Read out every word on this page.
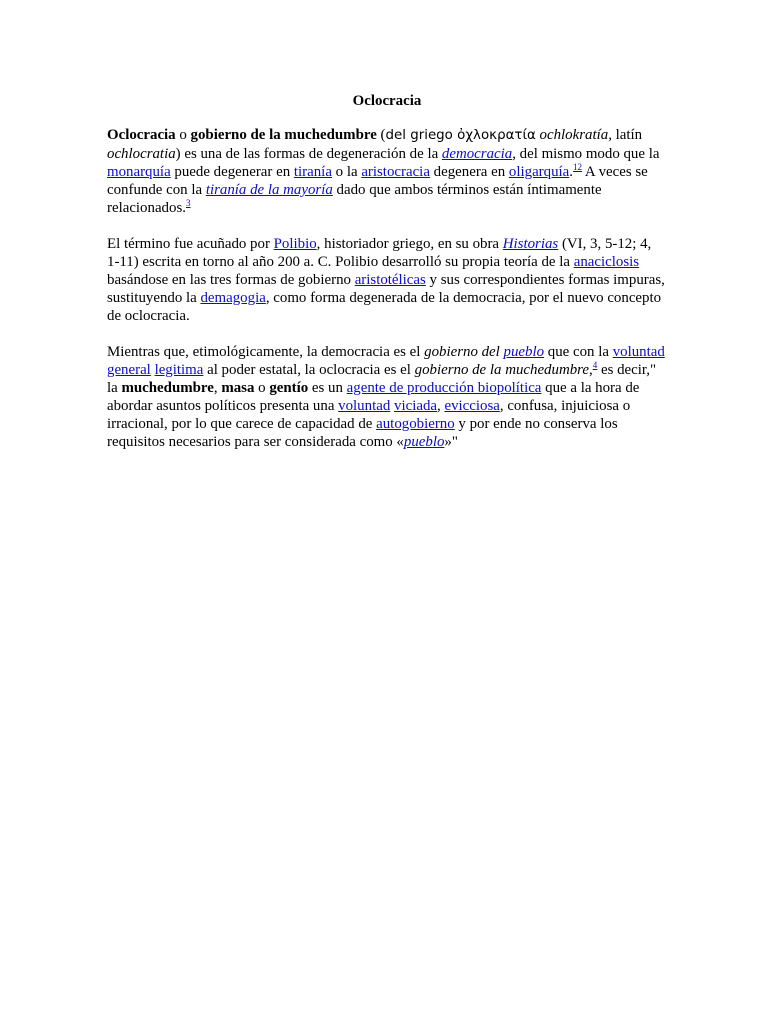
Oclocracia

Oclocracia o gobierno de la muchedumbre (del griego ὀχλοκρατία ochlokratía, latín ochlocratia) es una de las formas de degeneración de la democracia, del mismo modo que la monarquía puede degenerar en tiranía o la aristocracia degenera en oligarquía.$^{12}$ A veces se confunde con la tiranía de la mayoría dado que ambos términos están íntimamente relacionados.$^3$

El término fue acuñado por Polibio, historiador griego, en su obra Historias (VI, 3, 5-12; 4, 1-11) escrita en torno al año 200 a. C. Polibio desarrolló su propia teoría de la anaciclosis basándose en las tres formas de gobierno aristotélicas y sus correspondientes formas impuras, sustituyendo la demagogia, como forma degenerada de la democracia, por el nuevo concepto de oclocracia.

Mientras que, etimológicamente, la democracia es el gobierno del pueblo que con la voluntad general legitima al poder estatal, la oclocracia es el gobierno de la muchedumbre,$^4$ es decir," la muchedumbre, masa o gentío es un agente de producción biopolítica que a la hora de abordar asuntos políticos presenta una voluntad viciada, evicciosa, confusa, injuiciosa o irracional, por lo que carece de capacidad de autogobierno y por ende no conserva los requisitos necesarios para ser considerada como «pueblo»"
